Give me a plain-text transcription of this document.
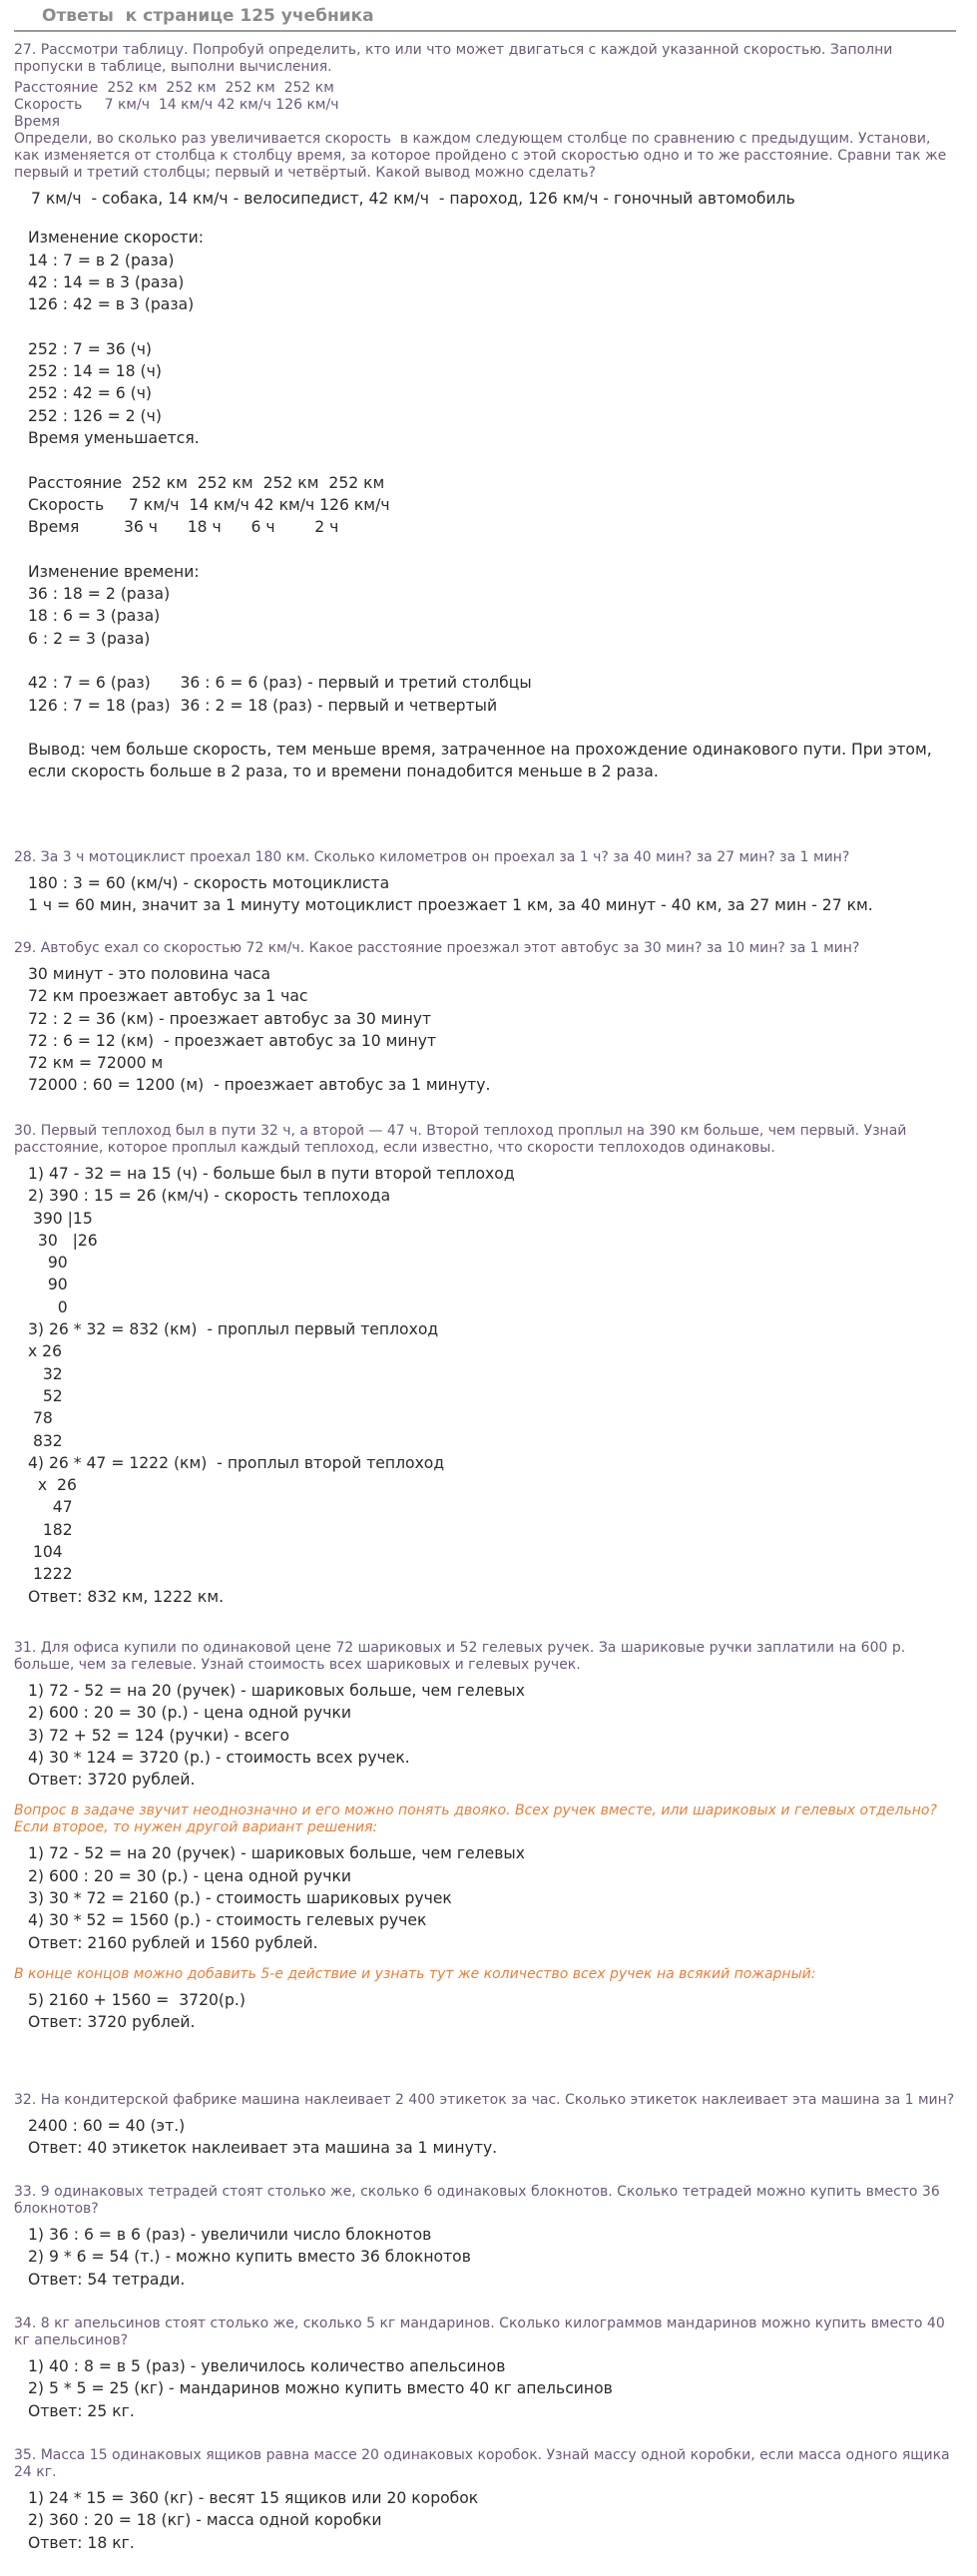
Ответы  к странице 125 учебника

27. Рассмотри таблицу. Попробуй определить, кто или что может двигаться с каждой указанной скоростью. Заполни пропуски в таблице, выполни вычисления.

Расстояние  252 км  252 км  252 км  252 км

Скорость     7 км/ч  14 км/ч 42 км/ч 126 км/ч

Время

Определи, во сколько раз увеличивается скорость  в каждом следующем столбце по сравнению с предыдущим. Установи, как изменяется от столбца к столбцу время, за которое пройдено с этой скоростью одно и то же расстояние. Сравни так же первый и третий столбцы; первый и четвёртый. Какой вывод можно сделать?

7 км/ч  - собака, 14 км/ч - велосипедист, 42 км/ч  - пароход, 126 км/ч - гоночный автомобиль

Изменение скорости:

14 : 7 = в 2 (раза)

42 : 14 = в 3 (раза)

126 : 42 = в 3 (раза)

252 : 7 = 36 (ч)

252 : 14 = 18 (ч)

252 : 42 = 6 (ч)

252 : 126 = 2 (ч)

Время уменьшается.

Расстояние  252 км  252 км  252 км  252 км

Скорость     7 км/ч  14 км/ч 42 км/ч 126 км/ч

Время         36 ч      18 ч      6 ч        2 ч

Изменение времени:

36 : 18 = 2 (раза)

18 : 6 = 3 (раза)

6 : 2 = 3 (раза)

42 : 7 = 6 (раз)      36 : 6 = 6 (раз) - первый и третий столбцы

126 : 7 = 18 (раз)  36 : 2 = 18 (раз) - первый и четвертый

Вывод: чем больше скорость, тем меньше время, затраченное на прохождение одинакового пути. При этом,

если скорость больше в 2 раза, то и времени понадобится меньше в 2 раза.

28. За 3 ч мотоциклист проехал 180 км. Сколько километров он проехал за 1 ч? за 40 мин? за 27 мин? за 1 мин?

180 : 3 = 60 (км/ч) - скорость мотоциклиста

1 ч = 60 мин, значит за 1 минуту мотоциклист проезжает 1 км, за 40 минут - 40 км, за 27 мин - 27 км.

29. Автобус ехал со скоростью 72 км/ч. Какое расстояние проезжал этот автобус за 30 мин? за 10 мин? за 1 мин?

30 минут - это половина часа

72 км проезжает автобус за 1 час

72 : 2 = 36 (км) - проезжает автобус за 30 минут

72 : 6 = 12 (км)  - проезжает автобус за 10 минут

72 км = 72000 м

72000 : 60 = 1200 (м)  - проезжает автобус за 1 минуту.

30. Первый теплоход был в пути 32 ч, а второй — 47 ч. Второй теплоход проплыл на 390 км больше, чем первый. Узнай расстояние, которое проплыл каждый теплоход, если известно, что скорости теплоходов одинаковы.

1) 47 - 32 = на 15 (ч) - больше был в пути второй теплоход

2) 390 : 15 = 26 (км/ч) - скорость теплохода

390 |15

30   |26

90

90

0

3) 26 * 32 = 832 (км)  - проплыл первый теплоход

x 26

32

52

78

832

4) 26 * 47 = 1222 (км)  - проплыл второй теплоход

x  26

47

182

104

1222

Ответ: 832 км, 1222 км.

31. Для офиса купили по одинаковой цене 72 шариковых и 52 гелевых ручек. За шариковые ручки заплатили на 600 р. больше, чем за гелевые. Узнай стоимость всех шариковых и гелевых ручек.

1) 72 - 52 = на 20 (ручек) - шариковых больше, чем гелевых

2) 600 : 20 = 30 (р.) - цена одной ручки

3) 72 + 52 = 124 (ручки) - всего

4) 30 * 124 = 3720 (р.) - стоимость всех ручек.

Ответ: 3720 рублей.

Вопрос в задаче звучит неоднозначно и его можно понять двояко. Всех ручек вместе, или шариковых и гелевых отдельно? Если второе, то нужен другой вариант решения:

1) 72 - 52 = на 20 (ручек) - шариковых больше, чем гелевых

2) 600 : 20 = 30 (р.) - цена одной ручки

3) 30 * 72 = 2160 (р.) - стоимость шариковых ручек

4) 30 * 52 = 1560 (р.) - стоимость гелевых ручек

Ответ: 2160 рублей и 1560 рублей.

В конце концов можно добавить 5-е действие и узнать тут же количество всех ручек на всякий пожарный:

5) 2160 + 1560 =  3720(р.)

Ответ: 3720 рублей.

32. На кондитерской фабрике машина наклеивает 2 400 этикеток за час. Сколько этикеток наклеивает эта машина за 1 мин?

2400 : 60 = 40 (эт.)

Ответ: 40 этикеток наклеивает эта машина за 1 минуту.

33. 9 одинаковых тетрадей стоят столько же, сколько 6 одинаковых блокнотов. Сколько тетрадей можно купить вместо 36 блокнотов?

1) 36 : 6 = в 6 (раз) - увеличили число блокнотов

2) 9 * 6 = 54 (т.) - можно купить вместо 36 блокнотов

Ответ: 54 тетради.

34. 8 кг апельсинов стоят столько же, сколько 5 кг мандаринов. Сколько килограммов мандаринов можно купить вместо 40 кг апельсинов?

1) 40 : 8 = в 5 (раз) - увеличилось количество апельсинов

2) 5 * 5 = 25 (кг) - мандаринов можно купить вместо 40 кг апельсинов

Ответ: 25 кг.

35. Масса 15 одинаковых ящиков равна массе 20 одинаковых коробок. Узнай массу одной коробки, если масса одного ящика 24 кг.

1) 24 * 15 = 360 (кг) - весят 15 ящиков или 20 коробок

2) 360 : 20 = 18 (кг) - масса одной коробки

Ответ: 18 кг.
